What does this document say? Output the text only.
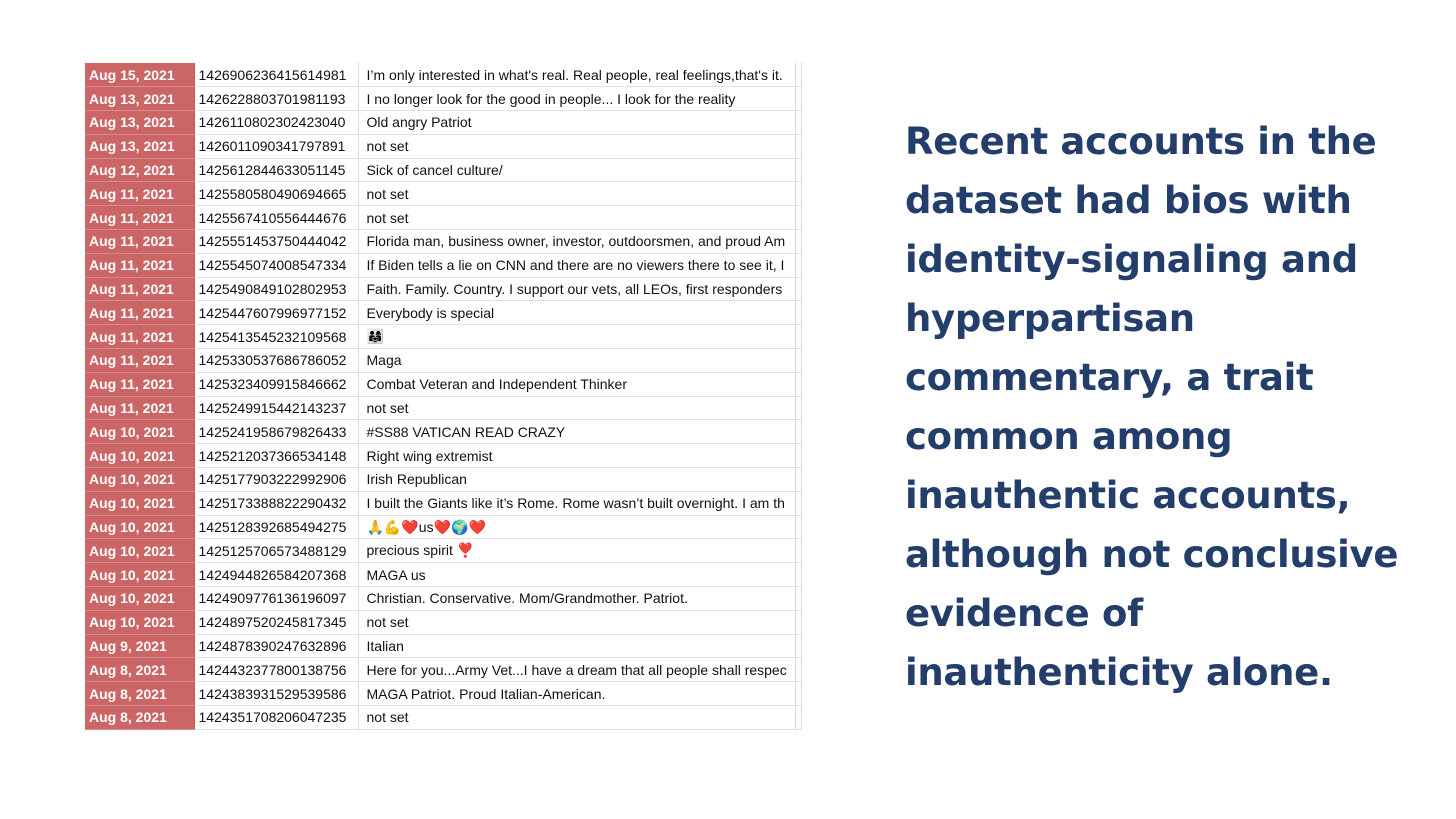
Aug 15, 2021	1426906236415614981	I’m only interested in what's real. Real people, real feelings,that's it.	
Aug 13, 2021	1426228803701981193	I no longer look for the good in people... I look for the reality	
Aug 13, 2021	1426110802302423040	Old angry Patriot	
Aug 13, 2021	1426011090341797891	not set	
Aug 12, 2021	1425612844633051145	Sick of cancel culture/	
Aug 11, 2021	1425580580490694665	not set	
Aug 11, 2021	1425567410556444676	not set	
Aug 11, 2021	1425551453750444042	Florida man, business owner, investor, outdoorsmen, and proud Am	
Aug 11, 2021	1425545074008547334	If Biden tells a lie on CNN and there are no viewers there to see it, I	
Aug 11, 2021	1425490849102802953	Faith. Family. Country. I support our vets, all LEOs, first responders	
Aug 11, 2021	1425447607996977152	Everybody is special	
Aug 11, 2021	1425413545232109568	👨‍👩‍👧	
Aug 11, 2021	1425330537686786052	Maga	
Aug 11, 2021	1425323409915846662	Combat Veteran and Independent Thinker	
Aug 11, 2021	1425249915442143237	not set	
Aug 10, 2021	1425241958679826433	#SS88 VATICAN READ CRAZY	
Aug 10, 2021	1425212037366534148	Right wing extremist	
Aug 10, 2021	1425177903222992906	Irish Republican	
Aug 10, 2021	1425173388822290432	I built the Giants like it’s Rome. Rome wasn’t built overnight. I am th	
Aug 10, 2021	1425128392685494275	🙏💪❤️us❤️🌍❤️	
Aug 10, 2021	1425125706573488129	precious spirit ❣️	
Aug 10, 2021	1424944826584207368	MAGA us	
Aug 10, 2021	1424909776136196097	Christian. Conservative. Mom/Grandmother. Patriot.	
Aug 10, 2021	1424897520245817345	not set	
Aug 9, 2021	1424878390247632896	Italian	
Aug 8, 2021	1424432377800138756	Here for you...Army Vet...I have a dream that all people shall respec	
Aug 8, 2021	1424383931529539586	MAGA Patriot. Proud Italian-American.	
Aug 8, 2021	1424351708206047235	not set	

Recent accounts in the dataset had bios with identity-signaling and hyperpartisan commentary, a trait common among inauthentic accounts, although not conclusive evidence of inauthenticity alone.
